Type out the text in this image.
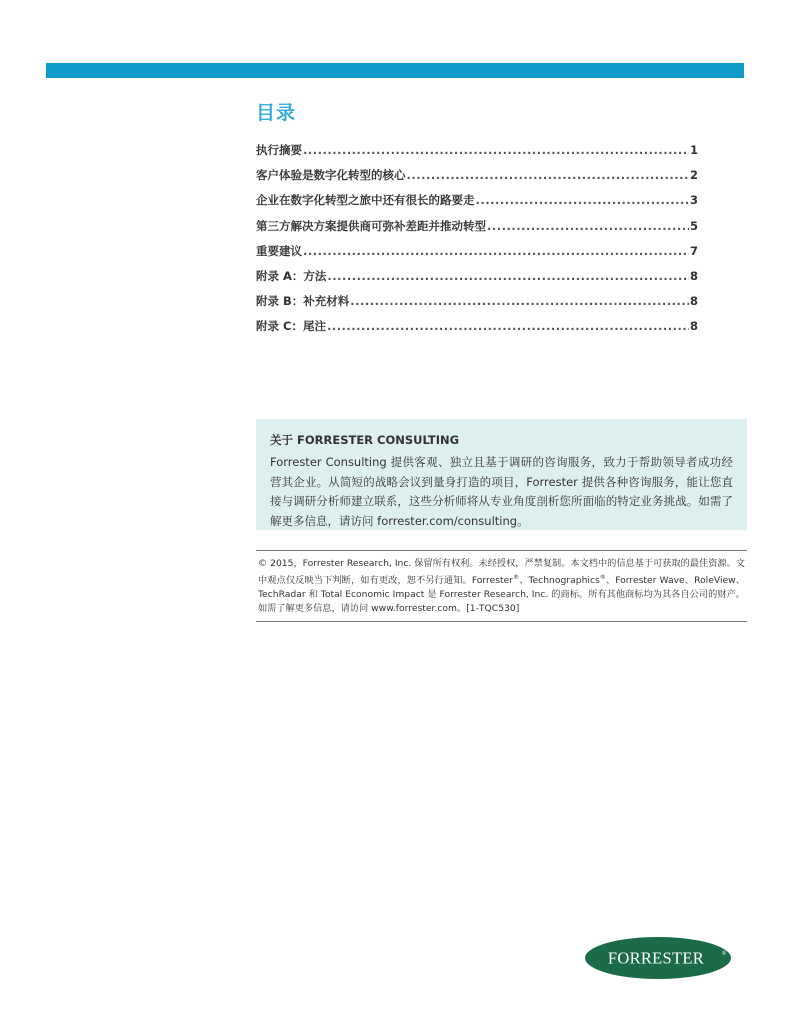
目录
执行摘要 .....	1
客户体验是数字化转型的核心 .....	2
企业在数字化转型之旅中还有很长的路要走 .....	3
第三方解决方案提供商可弥补差距并推动转型 .....	5
重要建议 .....	7
附录 A：方法 .....	8
附录 B：补充材料 .....	8
附录 C：尾注 .....	8
关于 FORRESTER CONSULTING
Forrester Consulting 提供客观、独立且基于调研的咨询服务，致力于帮助领导者成功经营其企业。从简短的战略会议到量身打造的项目，Forrester 提供各种咨询服务，能让您直接与调研分析师建立联系，这些分析师将从专业角度剖析您所面临的特定业务挑战。如需了解更多信息，请访问 forrester.com/consulting。
© 2015，Forrester Research, Inc. 保留所有权利。未经授权，严禁复制。本文档中的信息基于可获取的最佳资源。文中观点仅反映当下判断，如有更改，恕不另行通知。Forrester®、Technographics®、Forrester Wave、RoleView、TechRadar 和 Total Economic Impact 是 Forrester Research, Inc. 的商标。所有其他商标均为其各自公司的财产。如需了解更多信息，请访问 www.forrester.com。[1-TQC530]
FORRESTER	®
